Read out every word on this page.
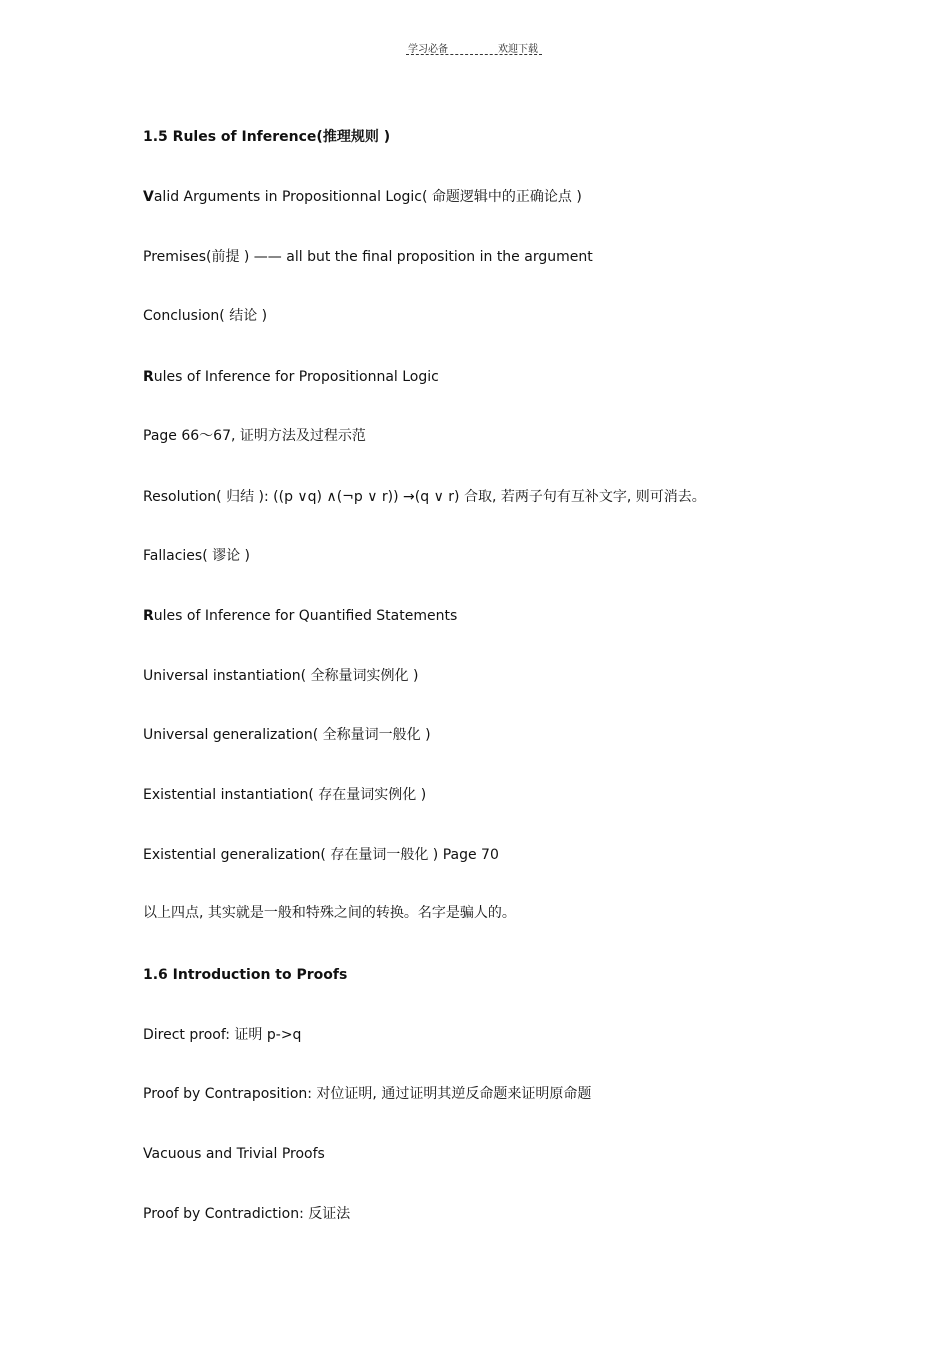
学习必备	欢迎下载
1.5 Rules of Inference(推理规则 )
Valid Arguments in Propositionnal Logic( 命题逻辑中的正确论点 )
Premises(前提 ) —— all but the final proposition in the argument
Conclusion( 结论 )
Rules of Inference for Propositionnal Logic
Page 66～67, 证明方法及过程示范
Resolution( 归结 ): ((p ∨q) ∧(¬p ∨ r)) →(q ∨ r) 合取, 若两子句有互补文字, 则可消去。
Fallacies( 谬论 )
Rules of Inference for Quantified Statements
Universal instantiation( 全称量词实例化 )
Universal generalization( 全称量词一般化 )
Existential instantiation( 存在量词实例化 )
Existential generalization( 存在量词一般化 ) Page 70
以上四点, 其实就是一般和特殊之间的转换。名字是骗人的。
1.6 Introduction to Proofs
Direct proof: 证明 p->q
Proof by Contraposition: 对位证明, 通过证明其逆反命题来证明原命题
Vacuous and Trivial Proofs
Proof by Contradiction: 反证法
